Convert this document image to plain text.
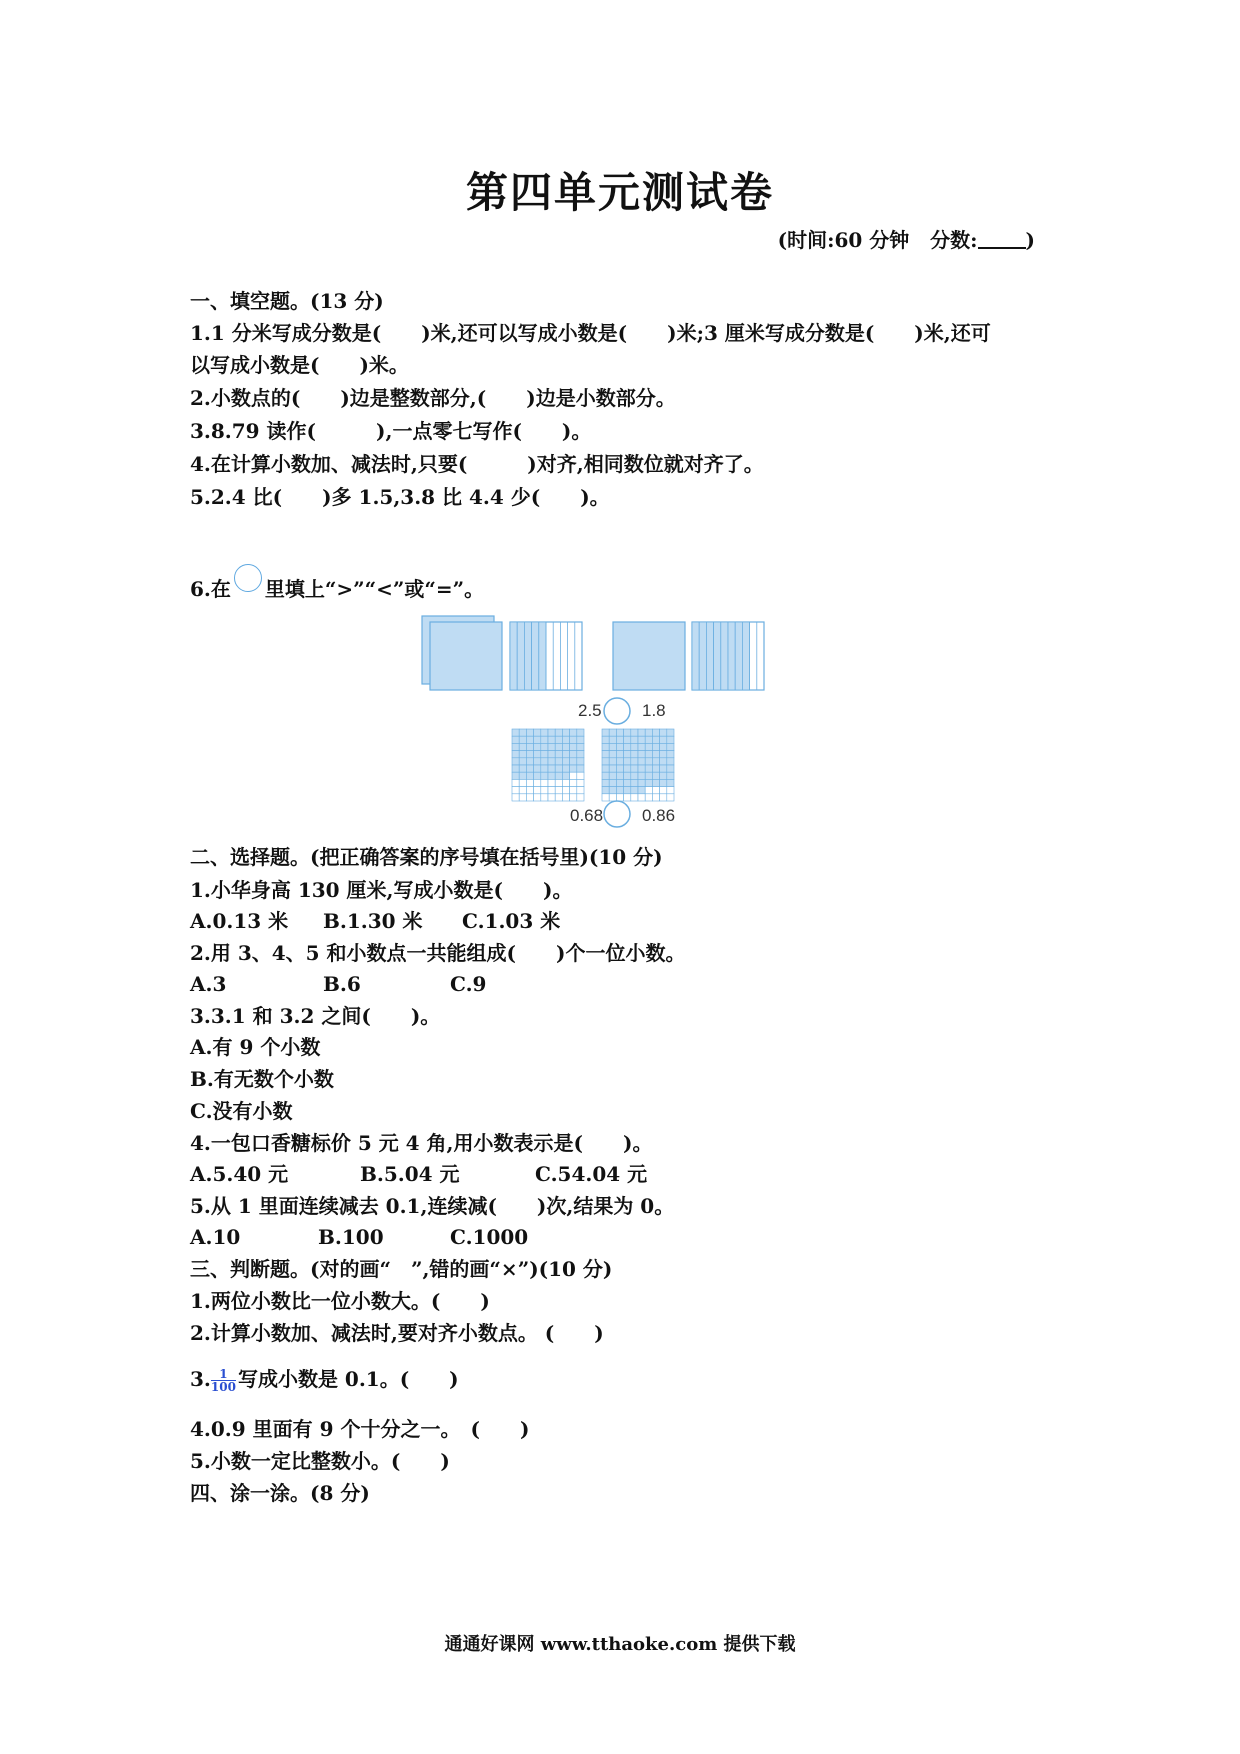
第四单元测试卷
(时间:60 分钟 分数: )
一、填空题。(13 分)
1.1 分米写成分数是(　　)米,还可以写成小数是(　　)米;3 厘米写成分数是(　　)米,还可
以写成小数是(　　)米。
2.小数点的(　　)边是整数部分,(　　)边是小数部分。
3.8.79 读作(　　　),一点零七写作(　　)。
4.在计算小数加、减法时,只要(　　　)对齐,相同数位就对齐了。
5.2.4 比(　　)多 1.5,3.8 比 4.4 少(　　)。
6.在 里填上“>”“<”或“=”。
2.5 1.8
0.68 0.86
二、选择题。(把正确答案的序号填在括号里)(10 分)
1.小华身高 130 厘米,写成小数是(　　)。
A.0.13 米 B.1.30 米 C.1.03 米
2.用 3、4、5 和小数点一共能组成(　　)个一位小数。
A.3	B.6	C.9
3.3.1 和 3.2 之间(　　)。
A.有 9 个小数
B.有无数个小数
C.没有小数
4.一包口香糖标价 5 元 4 角,用小数表示是(　　)。
A.5.40 元	B.5.04 元	C.54.04 元
5.从 1 里面连续减去 0.1,连续减(　　)次,结果为 0。
A.10	B.100	C.1000
三、判断题。(对的画“　”,错的画“×”)(10 分)
1.两位小数比一位小数大。(　　)
2.计算小数加、减法时,要对齐小数点。 (　　)
3. $\frac{1}{100}$ 写成小数是 0.1。(　　)
4.0.9 里面有 9 个十分之一。　(　　)
5.小数一定比整数小。(　　)
四、涂一涂。(8 分)
通通好课网 www.tthaoke.com 提供下载
